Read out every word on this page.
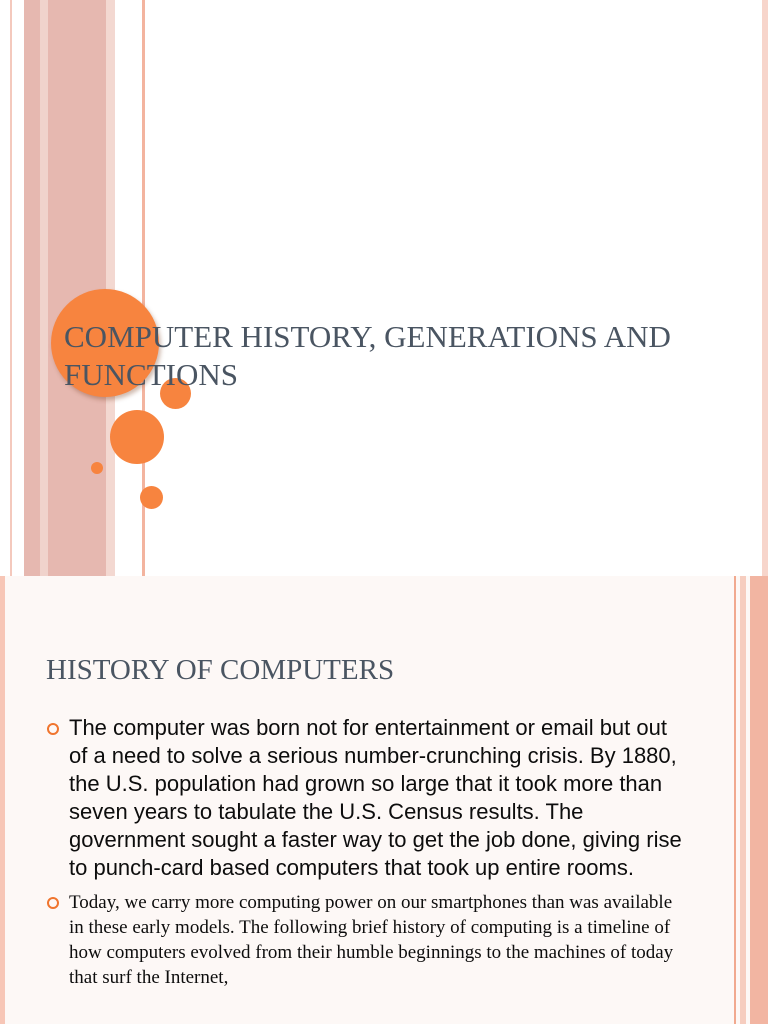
COMPUTER HISTORY, GENERATIONS AND FUNCTIONS
HISTORY OF COMPUTERS
The computer was born not for entertainment or email but out of a need to solve a serious number-crunching crisis. By 1880, the U.S. population had grown so large that it took more than seven years to tabulate the U.S. Census results. The government sought a faster way to get the job done, giving rise to punch-card based computers that took up entire rooms.
Today, we carry more computing power on our smartphones than was available in these early models. The following brief history of computing is a timeline of how computers evolved from their humble beginnings to the machines of today that surf the Internet,
